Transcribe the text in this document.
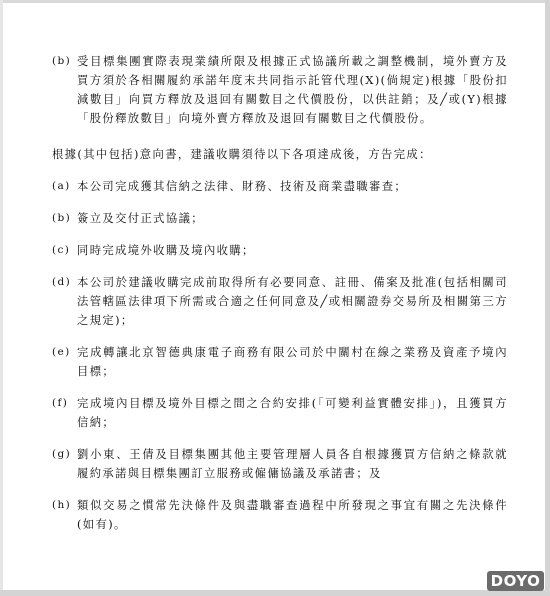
(b) 受目標集團實際表現業績所限及根據正式協議所載之調整機制，境外賣方及買方須於各相關履約承諾年度末共同指示託管代理(X)(倘規定)根據「股份扣減數目」向買方釋放及退回有關數目之代價股份，以供註銷；及╱或(Y)根據「股份釋放數目」向境外賣方釋放及退回有關數目之代價股份。
根據(其中包括)意向書，建議收購須待以下各項達成後，方告完成：
(a) 本公司完成獲其信納之法律、財務、技術及商業盡職審查；
(b) 簽立及交付正式協議；
(c) 同時完成境外收購及境內收購；
(d) 本公司於建議收購完成前取得所有必要同意、註冊、備案及批准(包括相關司法管轄區法律項下所需或合適之任何同意及╱或相關證券交易所及相關第三方之規定)；
(e) 完成轉讓北京智德典康電子商務有限公司於中關村在線之業務及資產予境內目標；
(f) 完成境內目標及境外目標之間之合約安排(「可變利益實體安排」)，且獲買方信納；
(g) 劉小東、王倩及目標集團其他主要管理層人員各自根據獲買方信納之條款就履約承諾與目標集團訂立服務或僱傭協議及承諾書；及
(h) 類似交易之慣常先決條件及與盡職審查過程中所發現之事宜有關之先決條件(如有)。
DOYO
